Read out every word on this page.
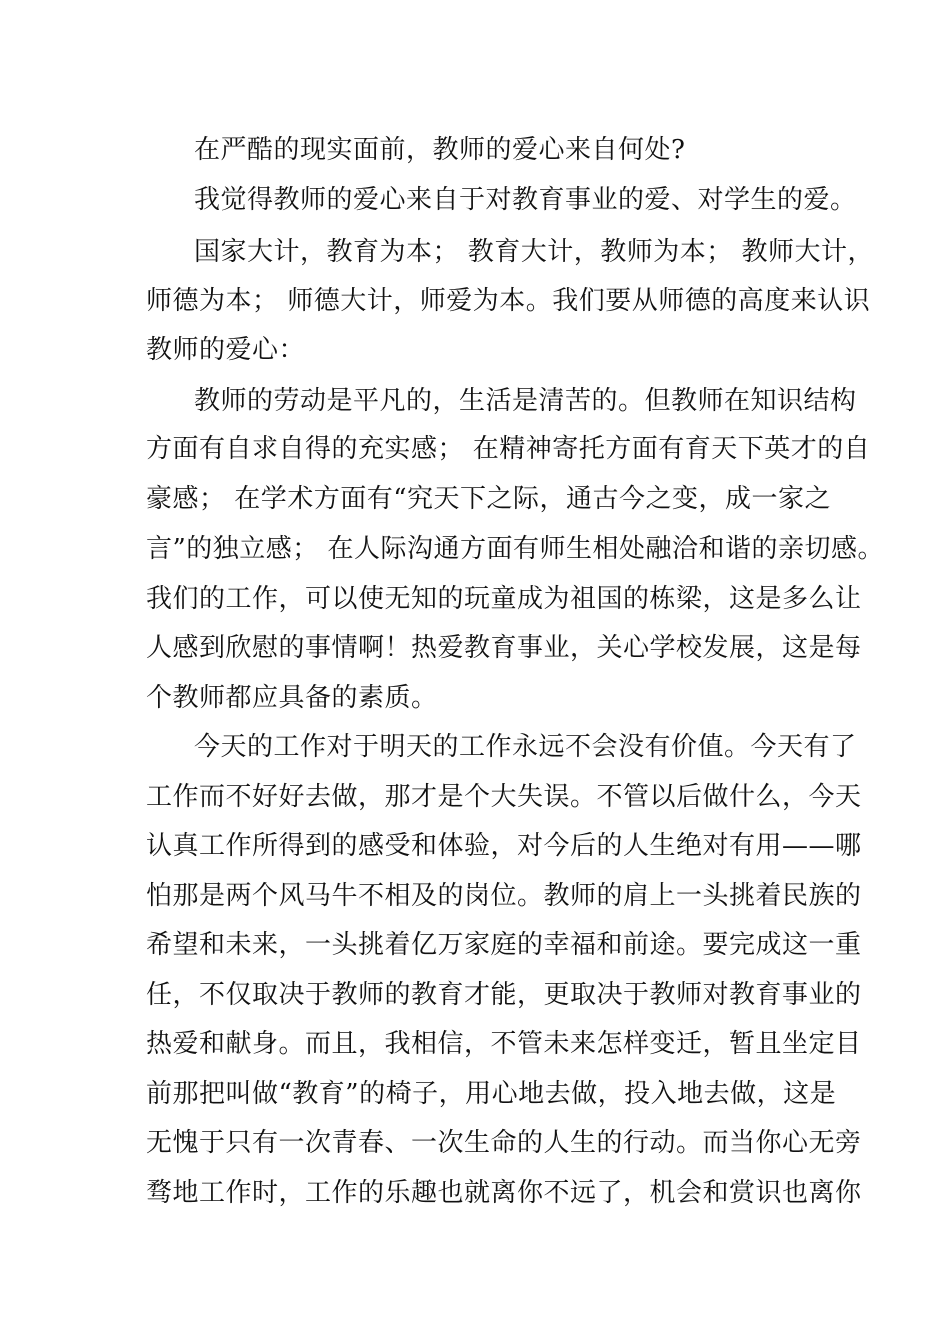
在严酷的现实面前，教师的爱心来自何处?
我觉得教师的爱心来自于对教育事业的爱、对学生的爱。
国家大计，教育为本； 教育大计，教师为本； 教师大计，
师德为本； 师德大计，师爱为本。我们要从师德的高度来认识
教师的爱心：
教师的劳动是平凡的，生活是清苦的。但教师在知识结构
方面有自求自得的充实感； 在精神寄托方面有育天下英才的自
豪感； 在学术方面有“究天下之际，通古今之变，成一家之
言”的独立感； 在人际沟通方面有师生相处融洽和谐的亲切感。
我们的工作，可以使无知的玩童成为祖国的栋梁，这是多么让
人感到欣慰的事情啊！热爱教育事业，关心学校发展，这是每
个教师都应具备的素质。
今天的工作对于明天的工作永远不会没有价值。今天有了
工作而不好好去做，那才是个大失误。不管以后做什么，今天
认真工作所得到的感受和体验，对今后的人生绝对有用——哪
怕那是两个风马牛不相及的岗位。教师的肩上一头挑着民族的
希望和未来，一头挑着亿万家庭的幸福和前途。要完成这一重
任，不仅取决于教师的教育才能，更取决于教师对教育事业的
热爱和献身。而且，我相信，不管未来怎样变迁，暂且坐定目
前那把叫做“教育”的椅子，用心地去做，投入地去做，这是
无愧于只有一次青春、一次生命的人生的行动。而当你心无旁
骛地工作时，工作的乐趣也就离你不远了，机会和赏识也离你
